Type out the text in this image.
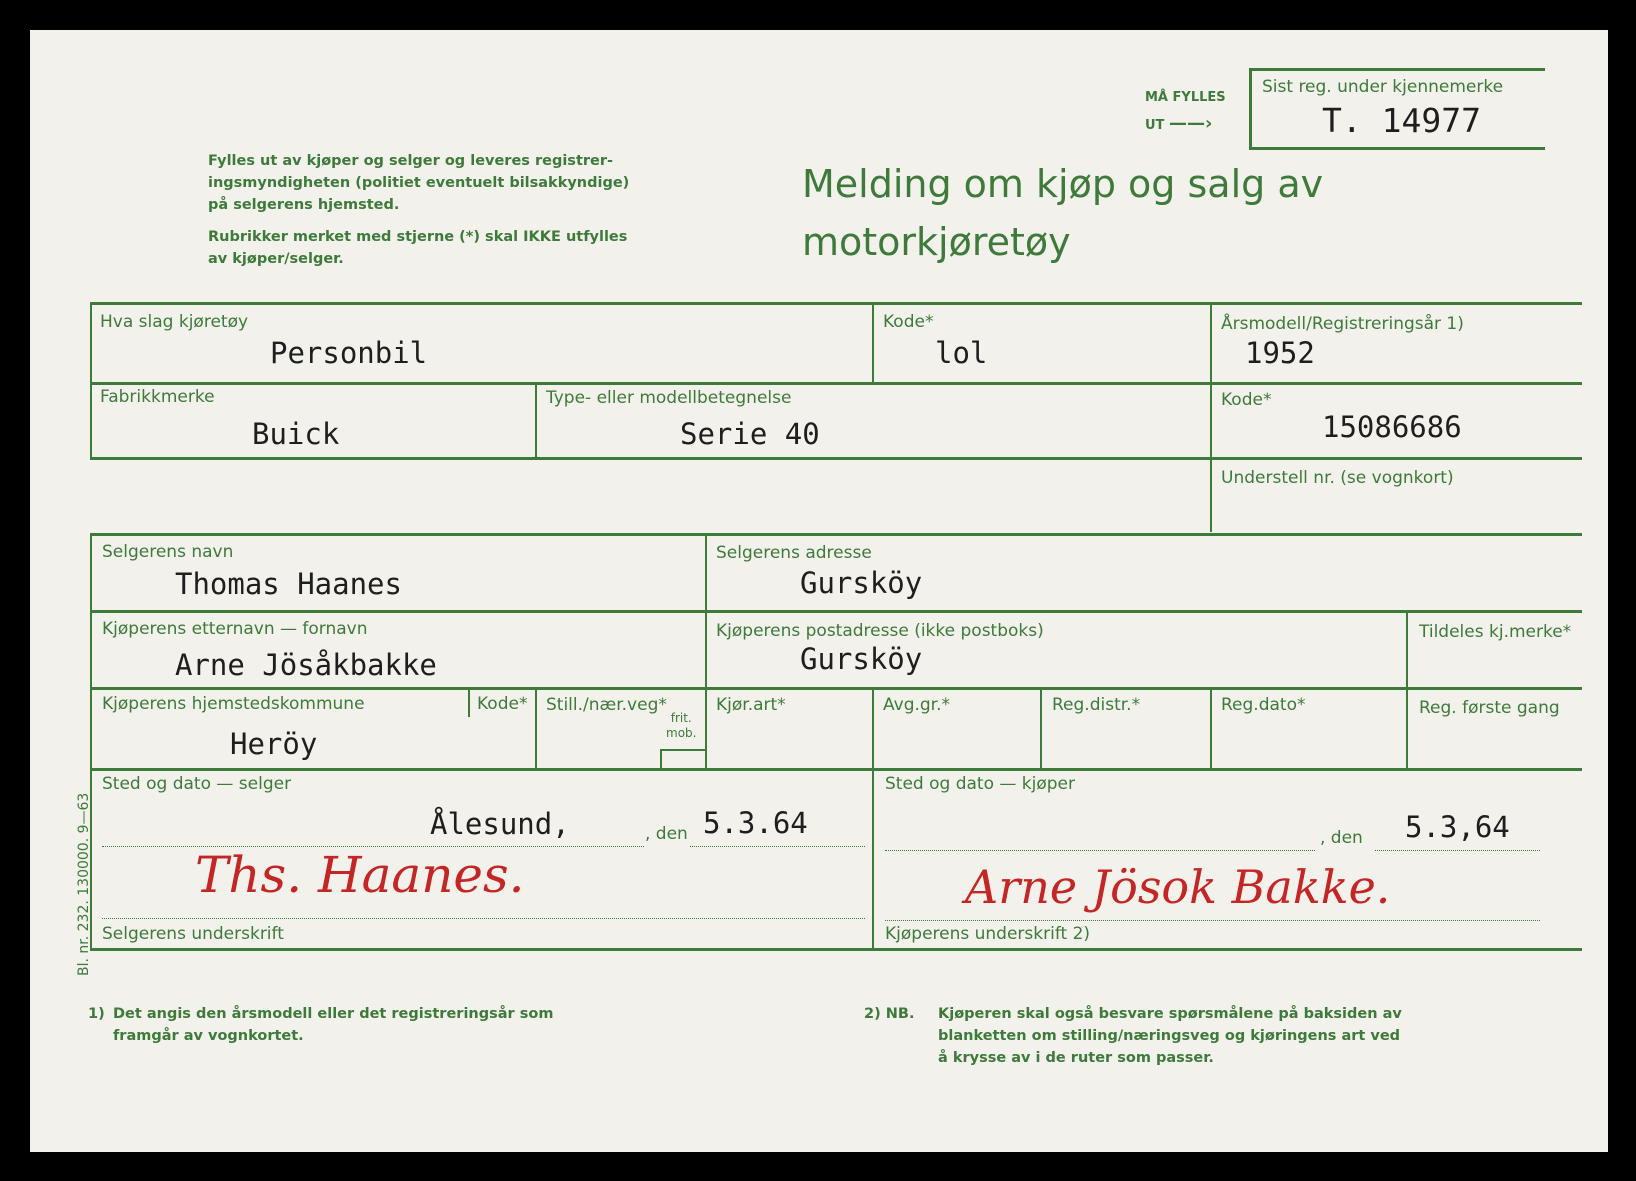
MÅ FYLLES
UT ——›
Sist reg. under kjennemerke
T. 14977
Fylles ut av kjøper og selger og leveres registrer-
ingsmyndigheten (politiet eventuelt bilsakkyndige)
på selgerens hjemsted.
Rubrikker merket med stjerne (*) skal IKKE utfylles
av kjøper/selger.
Melding om kjøp og salg av
motorkjøretøy
Hva slag kjøretøy
Personbil
Kode*
lol
Årsmodell/Registreringsår 1)
1952
Fabrikkmerke
Buick
Type- eller modellbetegnelse
Serie 40
Kode*
15086686
Understell nr. (se vognkort)
Selgerens navn
Thomas Haanes
Selgerens adresse
Gursköy
Kjøperens etternavn — fornavn
Arne Jösåkbakke
Kjøperens postadresse (ikke postboks)
Gursköy
Tildeles kj.merke*
Kjøperens hjemstedskommune
Heröy
Kode* Still./nær.veg*
frit.
mob.
Kjør.art*	Avg.gr.*	Reg.distr.*	Reg.dato*	Reg. første gang
Sted og dato — selger
Ålesund,	, den 5.3.64
Ths. Haanes.
Selgerens underskrift
Sted og dato — kjøper
, den 5.3,64
Arne Jösok Bakke.
Kjøperens underskrift 2)
Bl. nr. 232. 130000. 9—63
1) Det angis den årsmodell eller det registreringsår som
framgår av vognkortet.
2) NB. Kjøperen skal også besvare spørsmålene på baksiden av
blanketten om stilling/næringsveg og kjøringens art ved
å krysse av i de ruter som passer.
